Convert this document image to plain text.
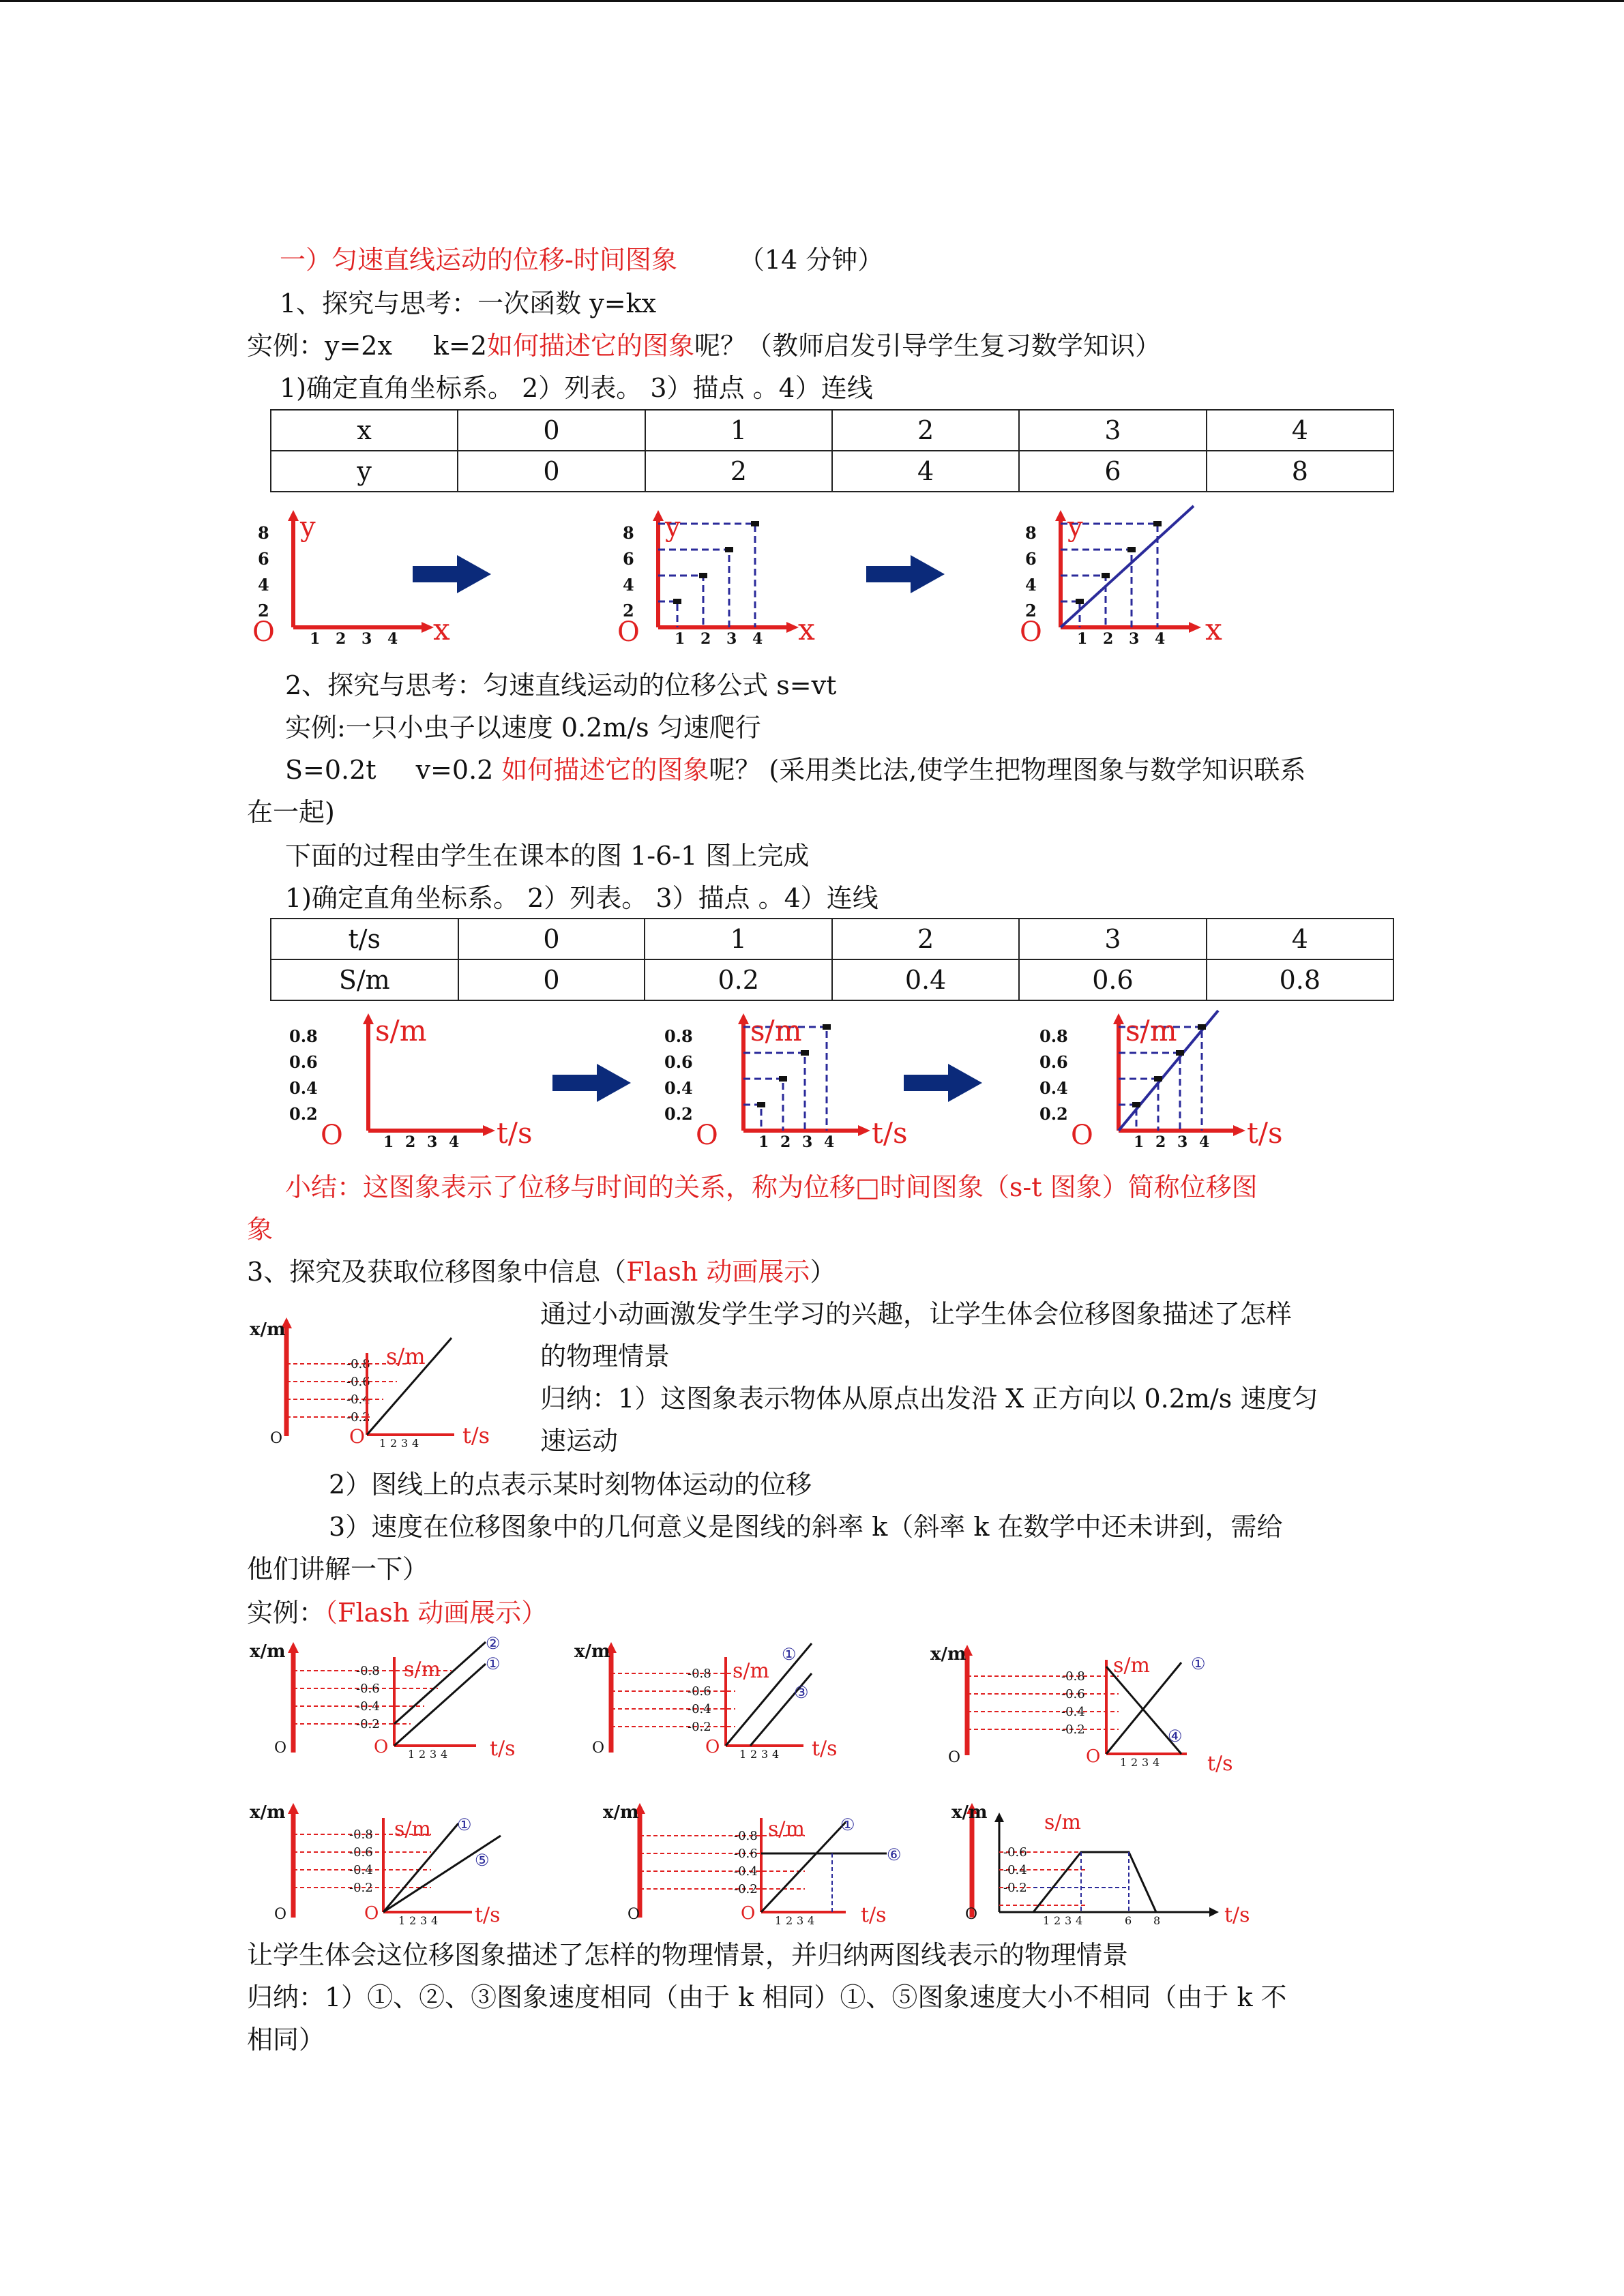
一）匀速直线运动的位移-时间图象 （14 分钟）
1、探究与思考：一次函数 y=kx
实例：y=2x k=2如何描述它的图象呢？（教师启发引导学生复习数学知识）
1)确定直角坐标系。 2）列表。 3）描点 。4）连线
x	0	1	2	3	4
y	0	2	4	6	8
y
x
O
8
6
4
2
1 2 3 4
y
x
O
8
6
4
2
1 2 3 4
y
x
O
8
6
4
2
1 2 3 4
2、探究与思考：匀速直线运动的位移公式 s=vt
实例:一只小虫子以速度 0.2m/s 匀速爬行
S=0.2t v=0.2 如何描述它的图象呢？ (采用类比法,使学生把物理图象与数学知识联系
在一起)
下面的过程由学生在课本的图 1-6-1 图上完成
1)确定直角坐标系。 2）列表。 3）描点 。4）连线
t/s	0	1	2	3	4
S/m	0	0.2	0.4	0.6	0.8
s/m
t/s
O
0.8
0.6
0.4
0.2
1 2 3 4
s/m
t/s
O
0.8
0.6
0.4
0.2
1 2 3 4
s/m
t/s
O
0.8
0.6
0.4
0.2
1 2 3 4
小结：这图象表示了位移与时间的关系，称为位移□时间图象（s-t 图象）简称位移图
象
3、探究及获取位移图象中信息（Flash 动画展示）
x/m
-0.8
-0.6
-0.4
-0.2
s/m
t/s
O
O	1 2 3 4
通过小动画激发学生学习的兴趣，让学生体会位移图象描述了怎样
的物理情景
归纳：1）这图象表示物体从原点出发沿 X 正方向以 0.2m/s 速度匀
速运动
2）图线上的点表示某时刻物体运动的位移
3）速度在位移图象中的几何意义是图线的斜率 k（斜率 k 在数学中还未讲到，需给
他们讲解一下）
实例：（Flash 动画展示）
x/m
-0.8
-0.6
-0.4
-0.2
s/m
②
①
t/s
O
O	1 2 3 4
x/m
-0.8
-0.6
-0.4
-0.2
s/m
①
③
t/s
O
O	1 2 3 4
x/m
-0.8
-0.6
-0.4
-0.2
s/m	①
④
t/s
O
O	1 2 3 4
x/m
-0.8
-0.6
-0.4
-0.2
s/m ①
⑤
t/s
O
O	1 2 3 4
x/m
-0.8
-0.6
-0.4
-0.2
s/m ①
⑥
t/s
O
O	1 2 3 4
x/m
-0.6
-0.4
-0.2
s/m
t/s
O	1 2 3 4	6 8
让学生体会这位移图象描述了怎样的物理情景，并归纳两图线表示的物理情景
归纳：1）①、②、③图象速度相同（由于 k 相同）①、⑤图象速度大小不相同（由于 k 不
相同）
